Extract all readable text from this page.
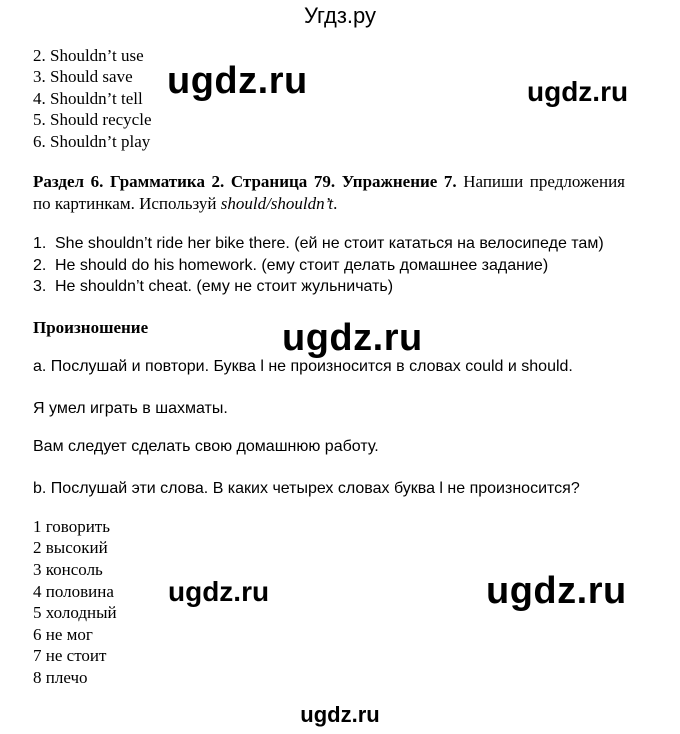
Угдз.ру
2. Shouldn’t use
3. Should save
4. Shouldn’t tell
5. Should recycle
6. Shouldn’t play
ugdz.ru	ugdz.ru
Раздел 6. Грамматика 2. Страница 79. Упражнение 7. Напиши предложения по картинкам. Используй should/shouldn’t.
1. She shouldn’t ride her bike there. (ей не стоит кататься на велосипеде там)
2. He should do his homework. (ему стоит делать домашнее задание)
3. He shouldn’t cheat. (ему не стоит жульничать)
Произношение	ugdz.ru
a. Послушай и повтори. Буква l не произносится в словах could и should.
Я умел играть в шахматы.
Вам следует сделать свою домашнюю работу.
b. Послушай эти слова. В каких четырех словах буква l не произносится?
1 говорить
2 высокий
3 консоль
4 половина
5 холодный
6 не мог
7 не стоит
8 плечо
ugdz.ru	ugdz.ru
ugdz.ru
